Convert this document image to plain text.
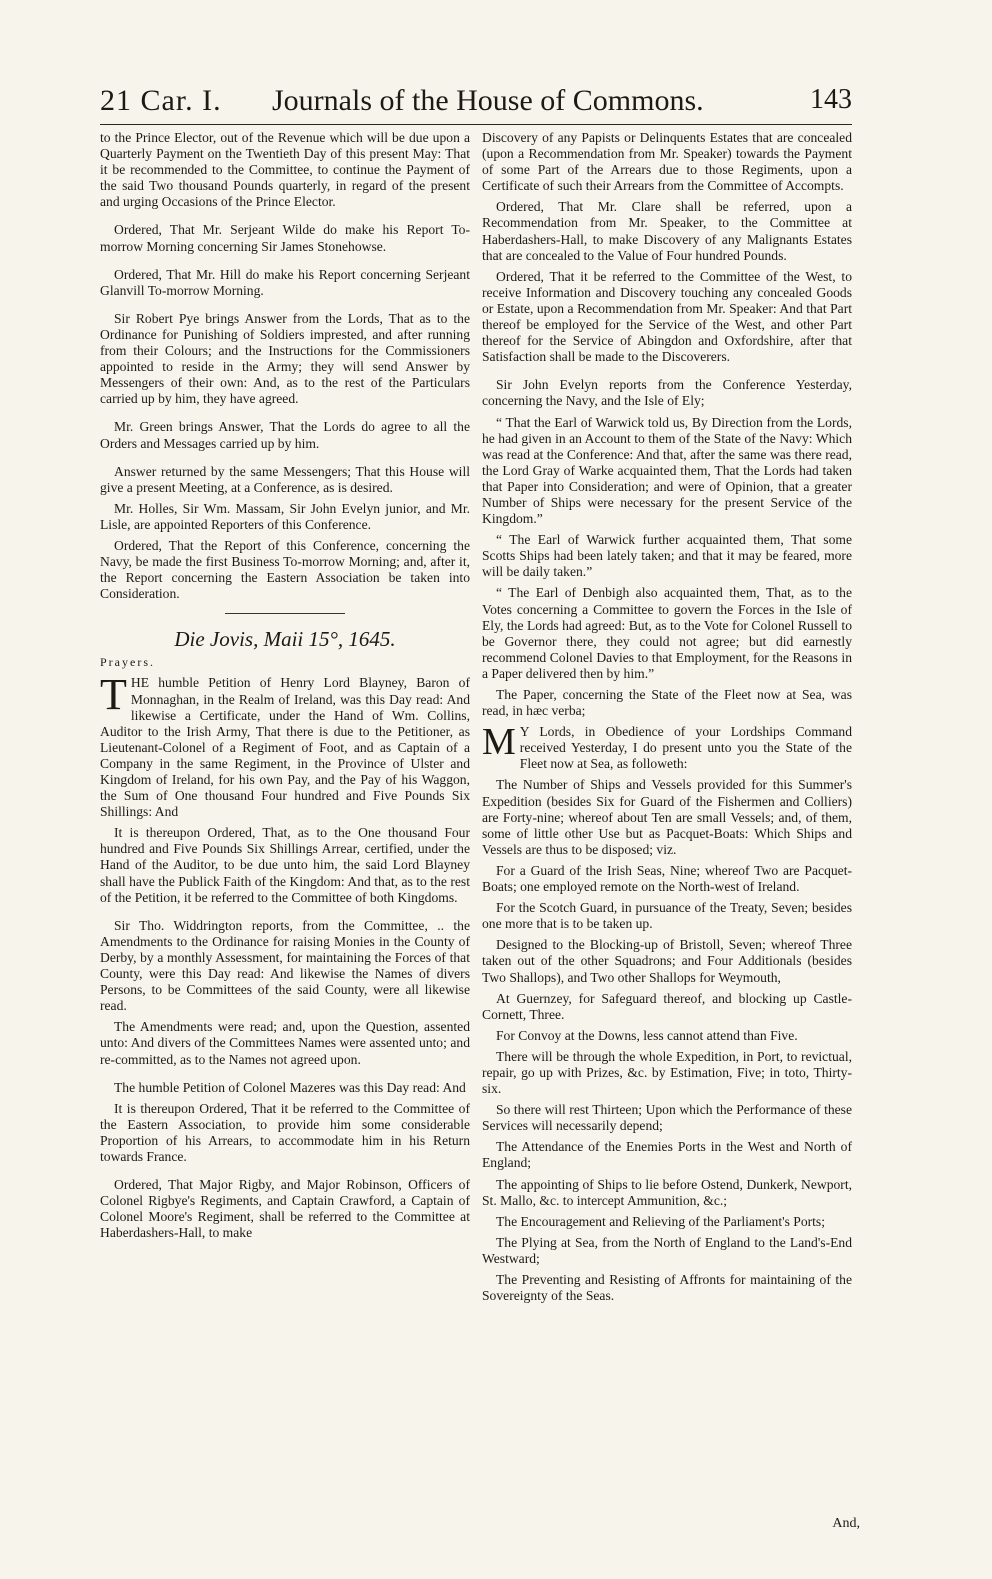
21 Car. I. Journals of the House of Commons.	143

to the Prince Elector, out of the Revenue which will be due upon a Quarterly Payment on the Twentieth Day of this present May: That it be recommended to the Committee, to continue the Payment of the said Two thousand Pounds quarterly, in regard of the present and urging Occasions of the Prince Elector.

Ordered, That Mr. Serjeant Wilde do make his Report To-morrow Morning concerning Sir James Stonehowse.

Ordered, That Mr. Hill do make his Report concerning Serjeant Glanvill To-morrow Morning.

Sir Robert Pye brings Answer from the Lords, That as to the Ordinance for Punishing of Soldiers imprested, and after running from their Colours; and the Instructions for the Commissioners appointed to reside in the Army; they will send Answer by Messengers of their own: And, as to the rest of the Particulars carried up by him, they have agreed.

Mr. Green brings Answer, That the Lords do agree to all the Orders and Messages carried up by him.

Answer returned by the same Messengers; That this House will give a present Meeting, at a Conference, as is desired.

Mr. Holles, Sir Wm. Massam, Sir John Evelyn junior, and Mr. Lisle, are appointed Reporters of this Conference.

Ordered, That the Report of this Conference, concerning the Navy, be made the first Business To-morrow Morning; and, after it, the Report concerning the Eastern Association be taken into Consideration.

Die Jovis, Maii 15°, 1645.

Prayers.

THE humble Petition of Henry Lord Blayney, Baron of Monnaghan, in the Realm of Ireland, was this Day read: And likewise a Certificate, under the Hand of Wm. Collins, Auditor to the Irish Army, That there is due to the Petitioner, as Lieutenant-Colonel of a Regiment of Foot, and as Captain of a Company in the same Regiment, in the Province of Ulster and Kingdom of Ireland, for his own Pay, and the Pay of his Waggon, the Sum of One thousand Four hundred and Five Pounds Six Shillings: And

It is thereupon Ordered, That, as to the One thousand Four hundred and Five Pounds Six Shillings Arrear, certified, under the Hand of the Auditor, to be due unto him, the said Lord Blayney shall have the Publick Faith of the Kingdom: And that, as to the rest of the Petition, it be referred to the Committee of both Kingdoms.

Sir Tho. Widdrington reports, from the Committee, .. the Amendments to the Ordinance for raising Monies in the County of Derby, by a monthly Assessment, for maintaining the Forces of that County, were this Day read: And likewise the Names of divers Persons, to be Committees of the said County, were all likewise read.

The Amendments were read; and, upon the Question, assented unto: And divers of the Committees Names were assented unto; and re-committed, as to the Names not agreed upon.

The humble Petition of Colonel Mazeres was this Day read: And

It is thereupon Ordered, That it be referred to the Committee of the Eastern Association, to provide him some considerable Proportion of his Arrears, to accommodate him in his Return towards France.

Ordered, That Major Rigby, and Major Robinson, Officers of Colonel Rigbye's Regiments, and Captain Crawford, a Captain of Colonel Moore's Regiment, shall be referred to the Committee at Haberdashers-Hall, to make

Discovery of any Papists or Delinquents Estates that are concealed (upon a Recommendation from Mr. Speaker) towards the Payment of some Part of the Arrears due to those Regiments, upon a Certificate of such their Arrears from the Committee of Accompts.

Ordered, That Mr. Clare shall be referred, upon a Recommendation from Mr. Speaker, to the Committee at Haberdashers-Hall, to make Discovery of any Malignants Estates that are concealed to the Value of Four hundred Pounds.

Ordered, That it be referred to the Committee of the West, to receive Information and Discovery touching any concealed Goods or Estate, upon a Recommendation from Mr. Speaker: And that Part thereof be employed for the Service of the West, and other Part thereof for the Service of Abingdon and Oxfordshire, after that Satisfaction shall be made to the Discoverers.

Sir John Evelyn reports from the Conference Yesterday, concerning the Navy, and the Isle of Ely;

“ That the Earl of Warwick told us, By Direction from the Lords, he had given in an Account to them of the State of the Navy: Which was read at the Conference: And that, after the same was there read, the Lord Gray of Warke acquainted them, That the Lords had taken that Paper into Consideration; and were of Opinion, that a greater Number of Ships were necessary for the present Service of the Kingdom.”

“ The Earl of Warwick further acquainted them, That some Scotts Ships had been lately taken; and that it may be feared, more will be daily taken.”

“ The Earl of Denbigh also acquainted them, That, as to the Votes concerning a Committee to govern the Forces in the Isle of Ely, the Lords had agreed: But, as to the Vote for Colonel Russell to be Governor there, they could not agree; but did earnestly recommend Colonel Davies to that Employment, for the Reasons in a Paper delivered then by him.”

The Paper, concerning the State of the Fleet now at Sea, was read, in hæc verba;

M Y Lords, in Obedience of your Lordships Command received Yesterday, I do present unto you the State of the Fleet now at Sea, as followeth:

The Number of Ships and Vessels provided for this Summer's Expedition (besides Six for Guard of the Fishermen and Colliers) are Forty-nine; whereof about Ten are small Vessels; and, of them, some of little other Use but as Pacquet-Boats: Which Ships and Vessels are thus to be disposed; viz.

For a Guard of the Irish Seas, Nine; whereof Two are Pacquet-Boats; one employed remote on the North-west of Ireland.

For the Scotch Guard, in pursuance of the Treaty, Seven; besides one more that is to be taken up.

Designed to the Blocking-up of Bristoll, Seven; whereof Three taken out of the other Squadrons; and Four Additionals (besides Two Shallops), and Two other Shallops for Weymouth,

At Guernzey, for Safeguard thereof, and blocking up Castle-Cornett, Three.

For Convoy at the Downs, less cannot attend than Five.

There will be through the whole Expedition, in Port, to revictual, repair, go up with Prizes, &c. by Estimation, Five; in toto, Thirty-six.

So there will rest Thirteen; Upon which the Performance of these Services will necessarily depend;

The Attendance of the Enemies Ports in the West and North of England;

The appointing of Ships to lie before Ostend, Dunkerk, Newport, St. Mallo, &c. to intercept Ammunition, &c.;

The Encouragement and Relieving of the Parliament's Ports;

The Plying at Sea, from the North of England to the Land's-End Westward;

The Preventing and Resisting of Affronts for maintaining of the Sovereignty of the Seas.

And,
